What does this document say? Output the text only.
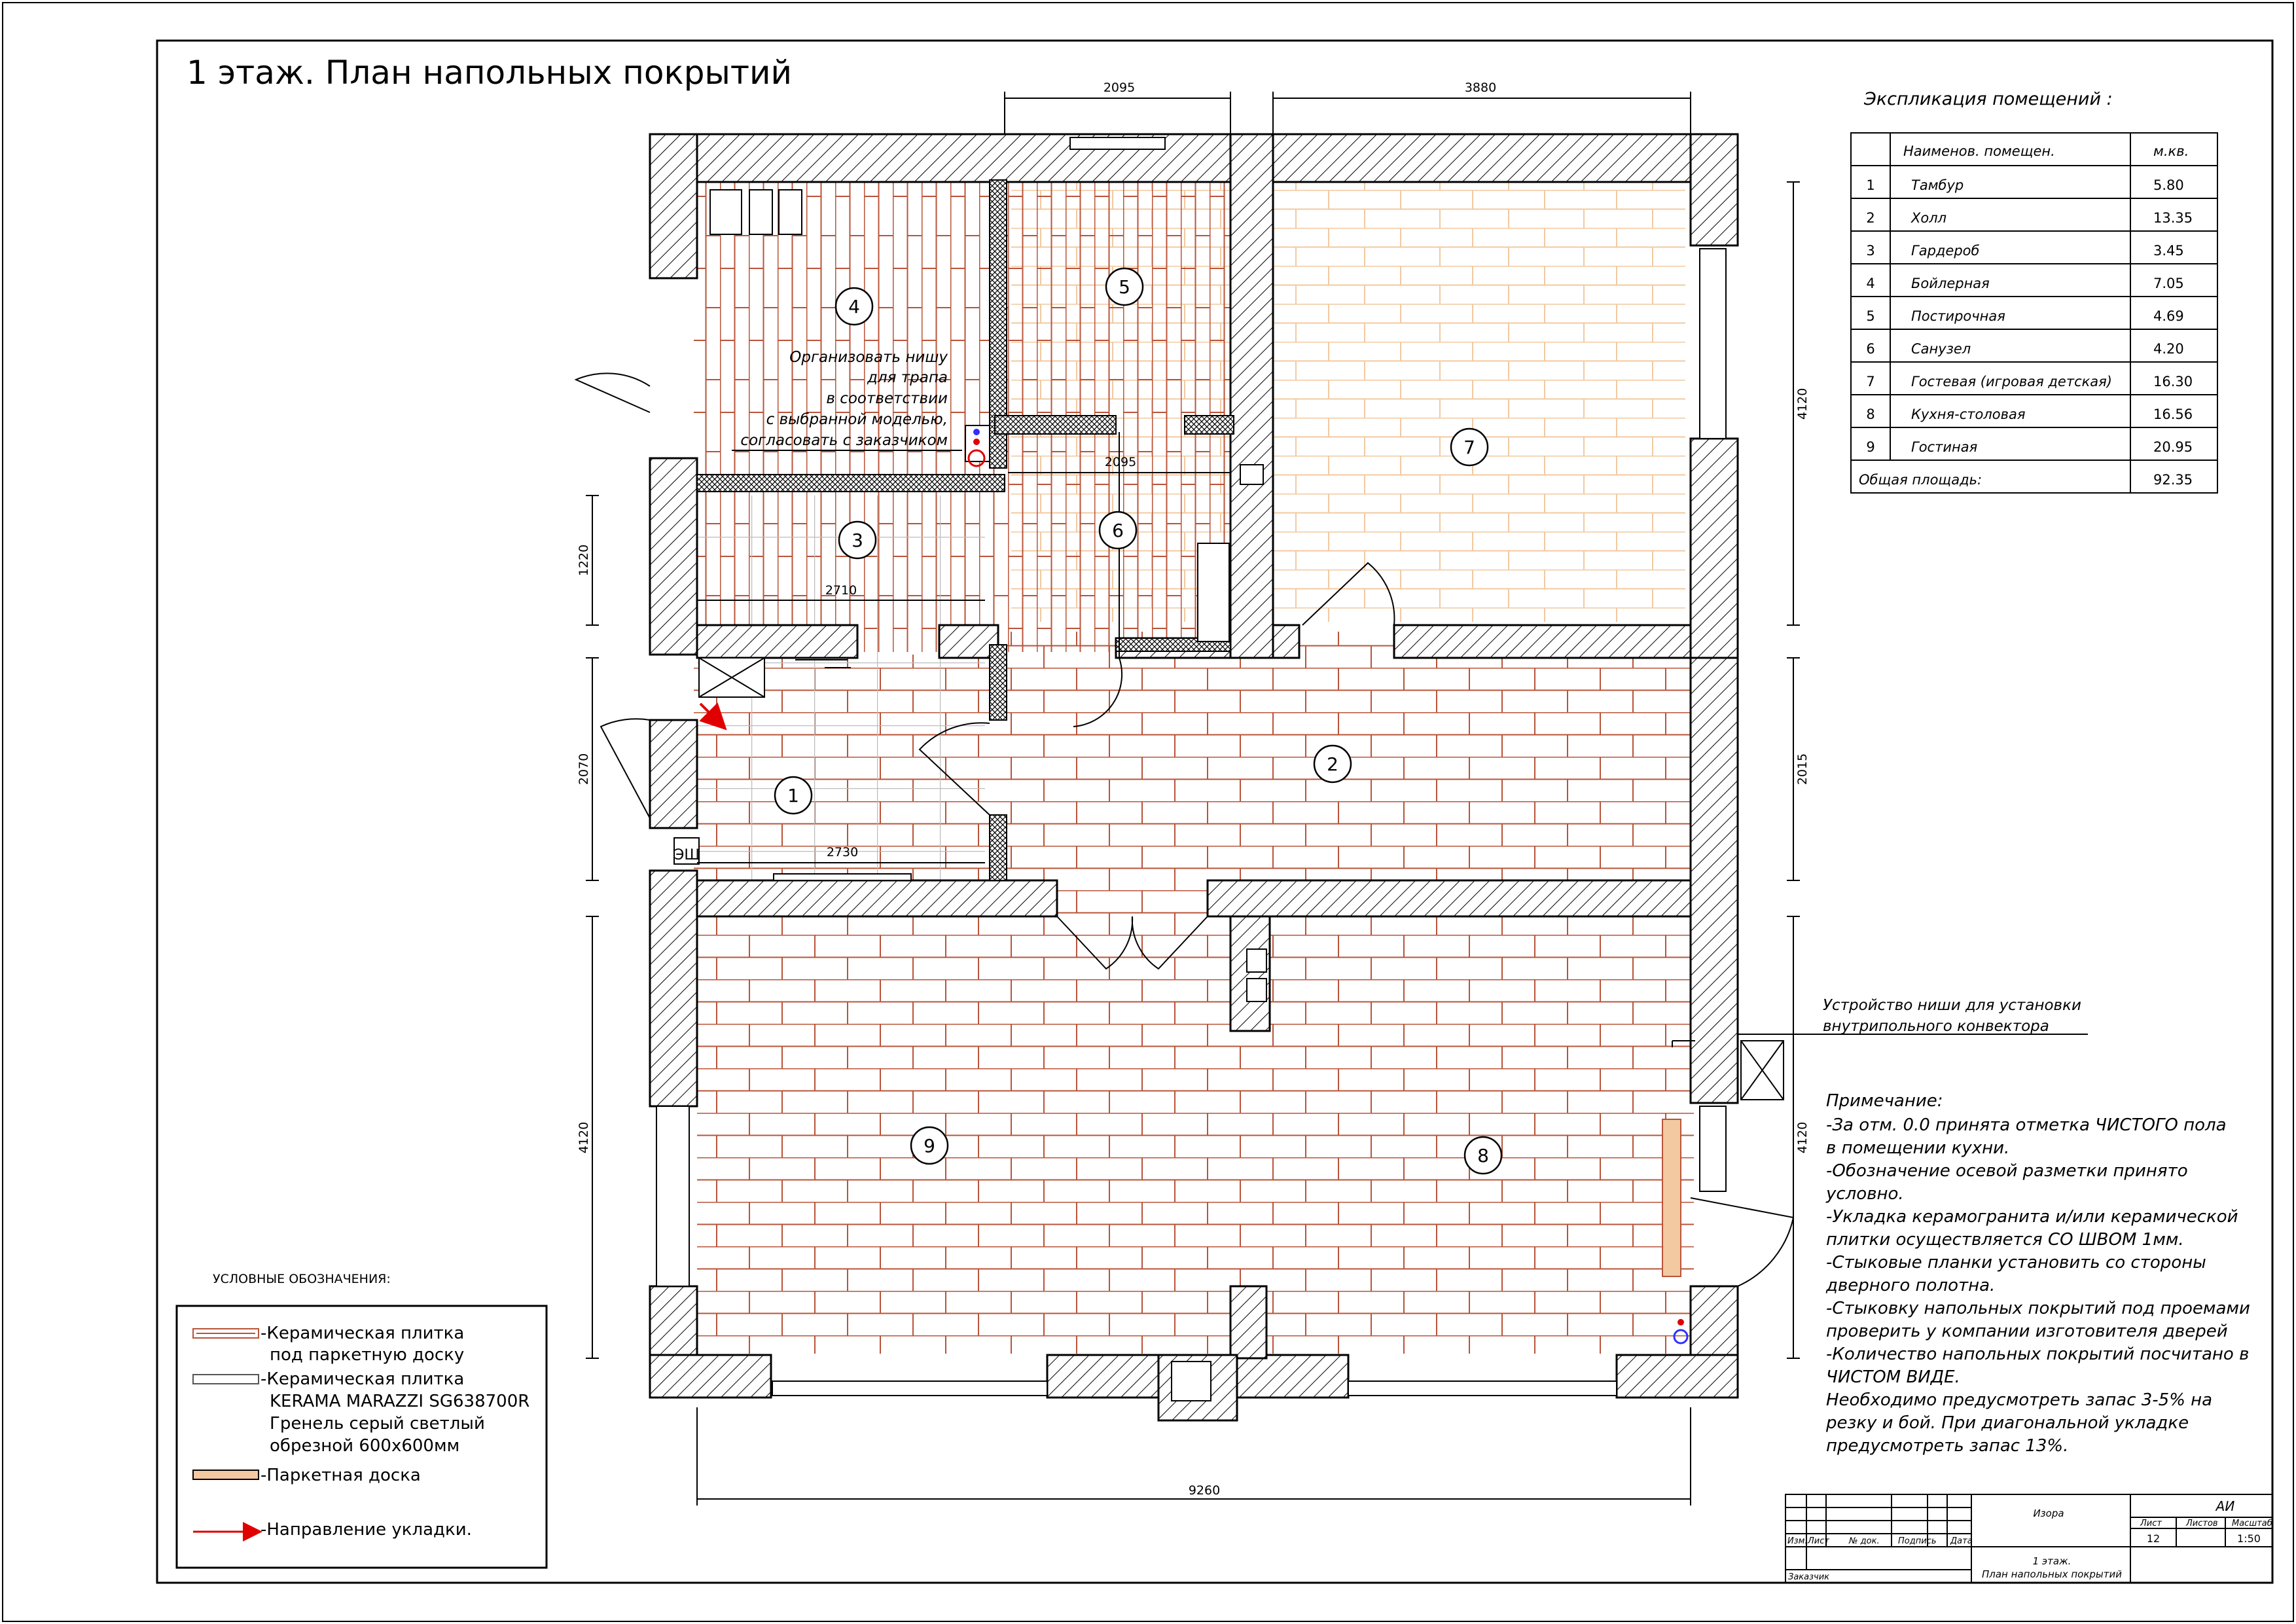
4
5
6
3
7
2
1
9	8
2095	3880
2095
2710
2730
9260
4120
2015
4120
1220
2070
4120
1 этаж. План напольных покрытий
Организовать нишу
для трапа
в соответствии
с выбранной моделью,
согласовать с заказчиком
ЭЩ
Устройство ниши для установки
внутрипольного конвектора
Экспликация помещений :
Наименов. помещен.	м.кв.
1	Тамбур	5.80
2	Холл	13.35
3	Гардероб	3.45
4	Бойлерная	7.05
5	Постирочная	4.69
6	Санузел	4.20
7	Гостевая (игровая детская)	16.30
8	Кухня-столовая	16.56
9	Гостиная	20.95
Общая площадь:	92.35
Примечание:
-За отм. 0.0 принята отметка ЧИСТОГО пола
в помещении кухни.
-Обозначение осевой разметки принято
условно.
-Укладка керамогранита и/или керамической
плитки осуществляется СО ШВОМ 1мм.
-Стыковые планки установить со стороны
дверного полотна.
-Стыковку напольных покрытий под проемами
проверить у компании изготовителя дверей
-Количество напольных покрытий посчитано в
ЧИСТОМ ВИДЕ.
Необходимо предусмотреть запас 3-5% на
резку и бой. При диагональной укладке
предусмотреть запас 13%.
УСЛОВНЫЕ ОБОЗНАЧЕНИЯ:
-Керамическая плитка
под паркетную доску
-Керамическая плитка
KERAMA MARAZZI SG638700R
Гренель серый светлый
обрезной 600x600мм
-Паркетная доска
-Направление укладки.
Изора	АИ
Изм. Лист № док. Подпись Дата
Лист	Листов Масштаб
12	1:50
1 этаж.
План напольных покрытий
Заказчик
